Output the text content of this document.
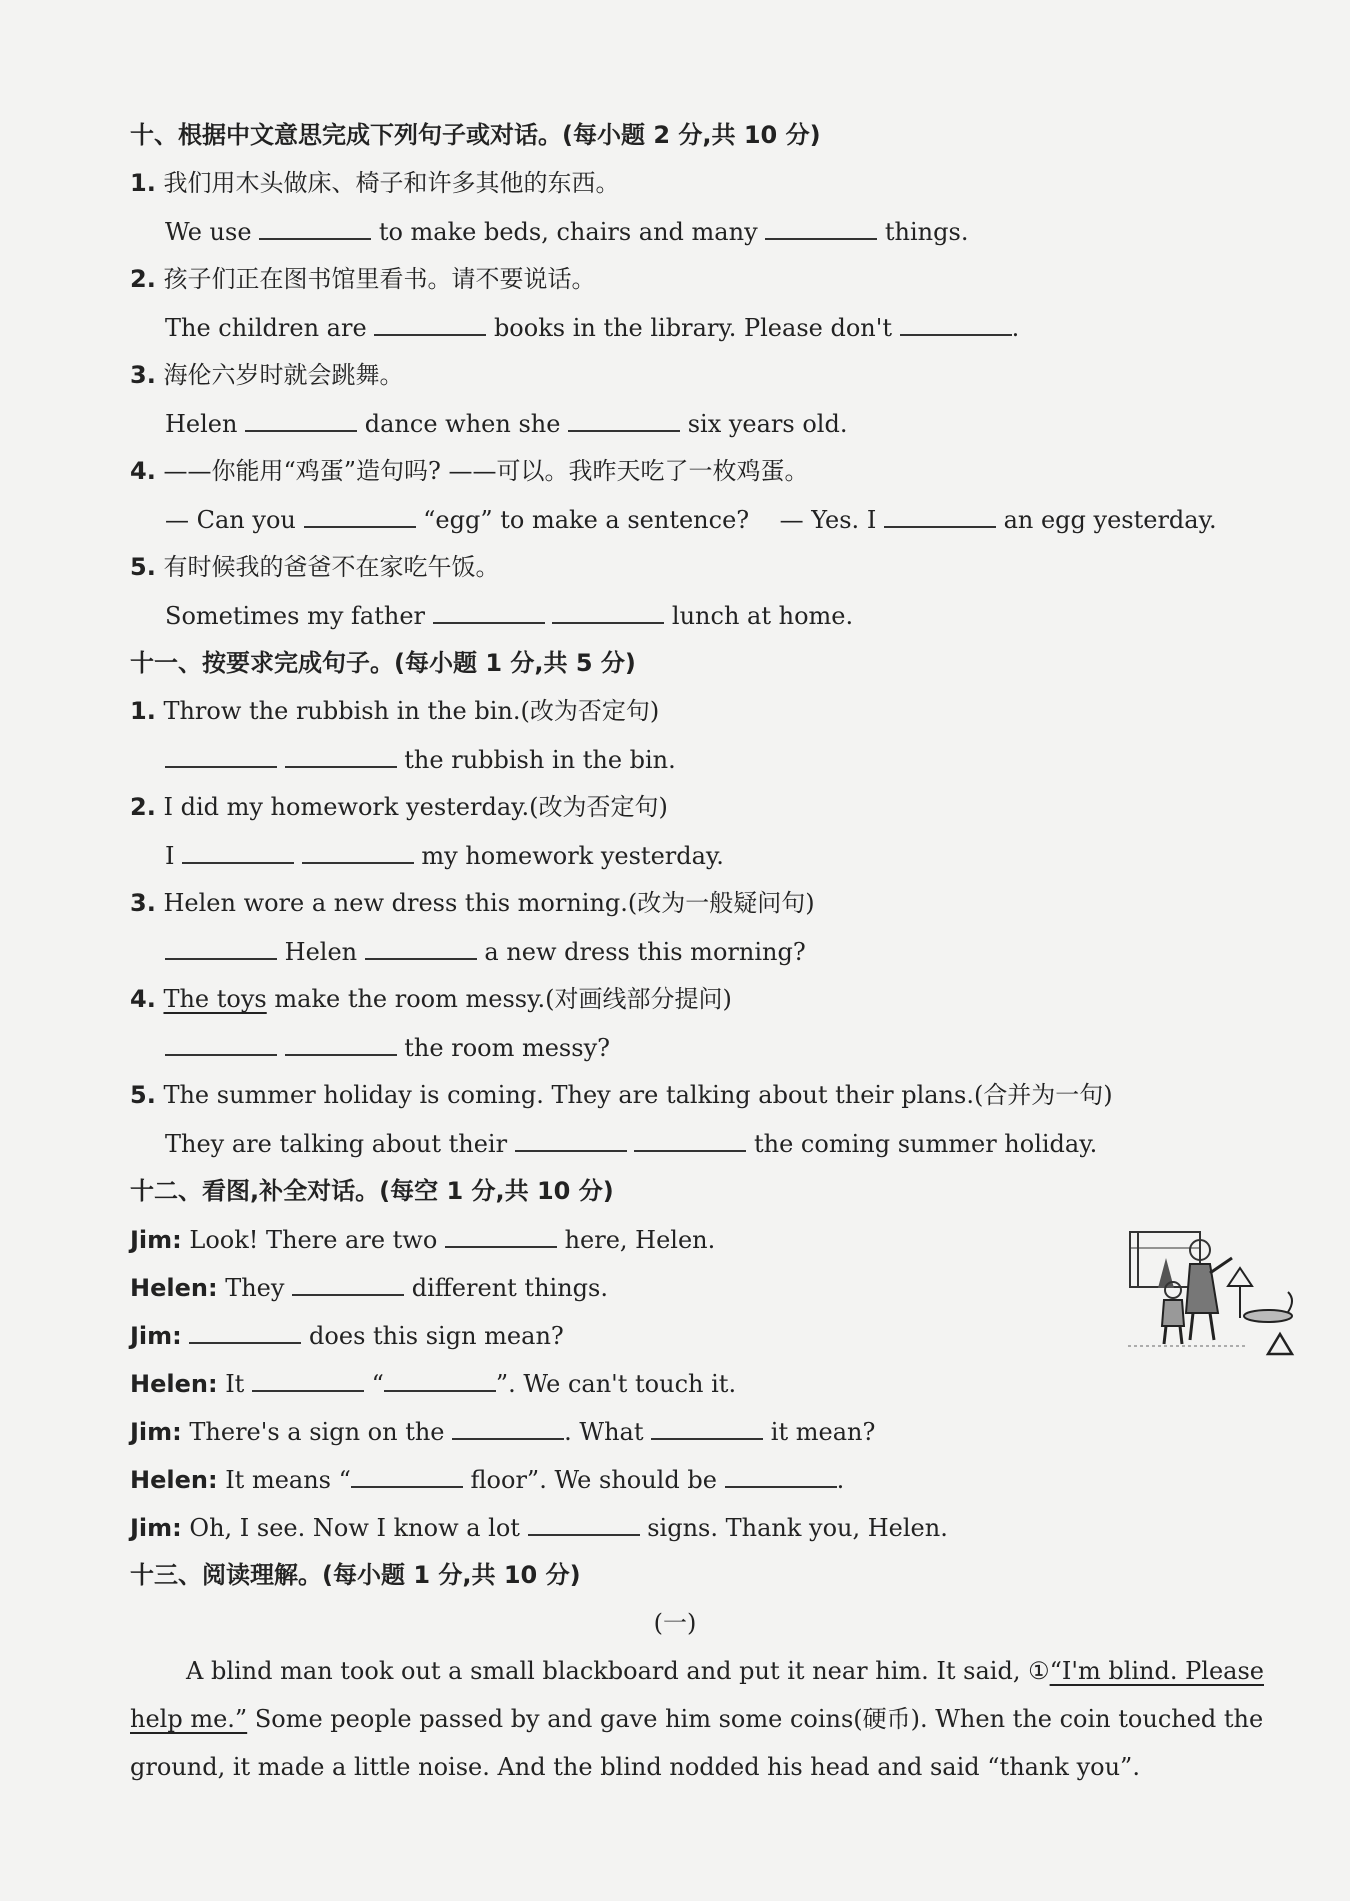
十、根据中文意思完成下列句子或对话。(每小题 2 分,共 10 分)
1. 我们用木头做床、椅子和许多其他的东西。
We use	to make beds, chairs and many	things.
2. 孩子们正在图书馆里看书。请不要说话。
The children are	books in the library. Please don't	.
3. 海伦六岁时就会跳舞。
Helen	dance when she	six years old.
4. ——你能用“鸡蛋”造句吗? ——可以。我昨天吃了一枚鸡蛋。
— Can you	“egg” to make a sentence?    — Yes. I	an egg yesterday.
5. 有时候我的爸爸不在家吃午饭。
Sometimes my father	lunch at home.
十一、按要求完成句子。(每小题 1 分,共 5 分)
1. Throw the rubbish in the bin.(改为否定句)
the rubbish in the bin.
2. I did my homework yesterday.(改为否定句)
I	my homework yesterday.
3. Helen wore a new dress this morning.(改为一般疑问句)
Helen	a new dress this morning?
4. The toys make the room messy.(对画线部分提问)
the room messy?
5. The summer holiday is coming. They are talking about their plans.(合并为一句)
They are talking about their	the coming summer holiday.
十二、看图,补全对话。(每空 1 分,共 10 分)
Jim: Look! There are two	here, Helen.
Helen: They	different things.
Jim:	does this sign mean?
Helen: It	“	”. We can't touch it.
Jim: There's a sign on the	. What	it mean?
Helen: It means “	floor”. We should be	.
Jim: Oh, I see. Now I know a lot	signs. Thank you, Helen.
十三、阅读理解。(每小题 1 分,共 10 分)
(一)
A blind man took out a small blackboard and put it near him. It said, ①“I'm blind. Please
help me.” Some people passed by and gave him some coins(硬币). When the coin touched the
ground, it made a little noise. And the blind nodded his head and said “thank you”.
